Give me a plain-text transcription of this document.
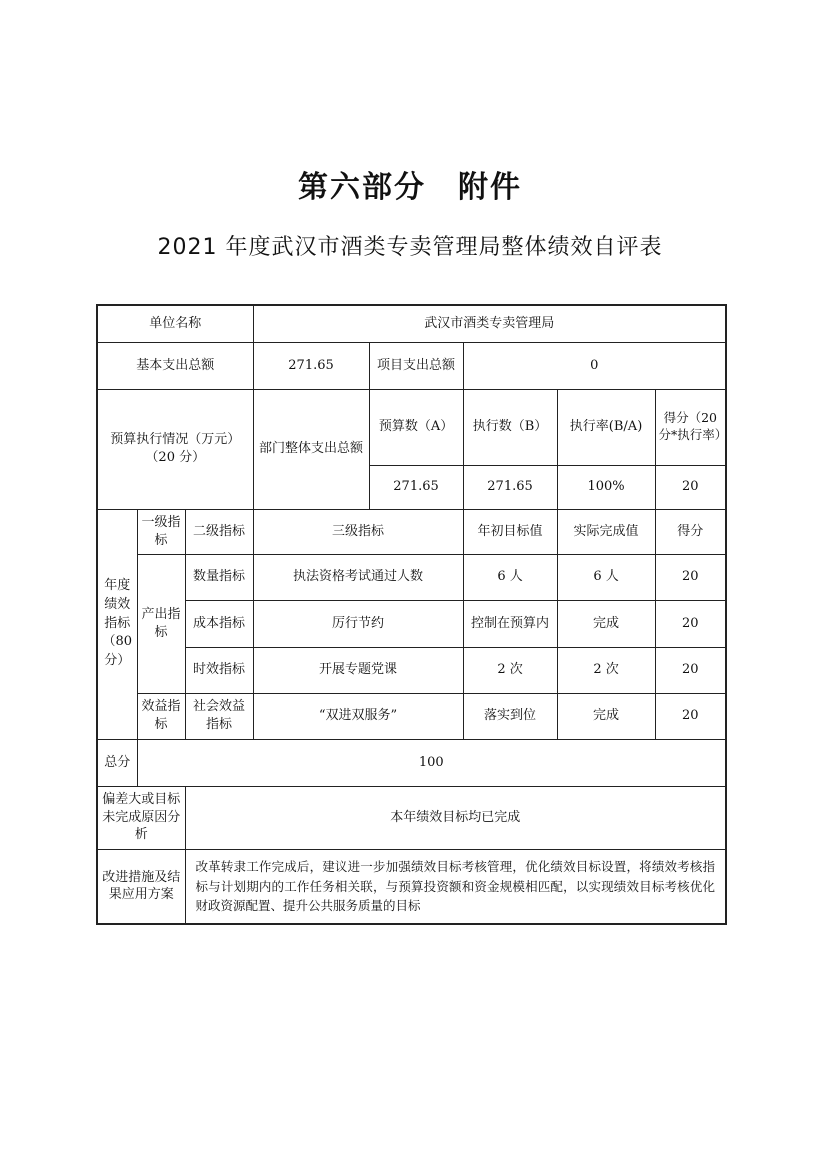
第六部分　附件
2021 年度武汉市酒类专卖管理局整体绩效自评表
单位名称			武汉市酒类专卖管理局				
基本支出总额			271.65	项目支出总额	0		
预算执行情况（万元）（20 分）			部门整体支出总额	预算数（A）	执行数（B）	执行率(B/A)	得分（20 分*执行率）
				271.65	271.65	100%	20
年度绩效指标（80分）	一级指标	二级指标	三级指标		年初目标值	实际完成值	得分
	产出指标	数量指标	执法资格考试通过人数		6 人	6 人	20
		成本指标	厉行节约		控制在预算内	完成	20
		时效指标	开展专题党课		2 次	2 次	20
	效益指标	社会效益指标	“双进双服务”		落实到位	完成	20
总分	100						
偏差大或目标未完成原因分析		本年绩效目标均已完成					
改进措施及结果应用方案		改革转隶工作完成后，建议进一步加强绩效目标考核管理，优化绩效目标设置，将绩效考核指标与计划期内的工作任务相关联，与预算投资额和资金规模相匹配，以实现绩效目标考核优化财政资源配置、提升公共服务质量的目标					
